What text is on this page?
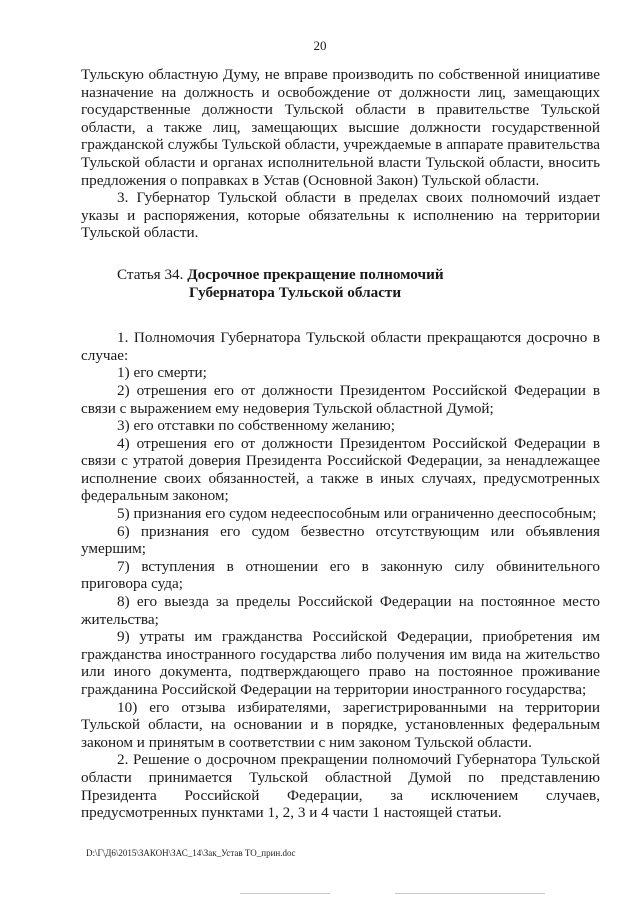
20

Тульскую областную Думу, не вправе производить по собственной инициативе назначение на должность и освобождение от должности лиц, замещающих государственные должности Тульской области в правительстве Тульской области, а также лиц, замещающих высшие должности государственной гражданской службы Тульской области, учреждаемые в аппарате правительства Тульской области и органах исполнительной власти Тульской области, вносить предложения о поправках в Устав (Основной Закон) Тульской области.

3. Губернатор Тульской области в пределах своих полномочий издает указы и распоряжения, которые обязательны к исполнению на территории Тульской области.

Статья 34. Досрочное прекращение полномочий
Губернатора Тульской области

1. Полномочия Губернатора Тульской области прекращаются досрочно в случае:

1) его смерти;

2) отрешения его от должности Президентом Российской Федерации в связи с выражением ему недоверия Тульской областной Думой;

3) его отставки по собственному желанию;

4) отрешения его от должности Президентом Российской Федерации в связи с утратой доверия Президента Российской Федерации, за ненадлежащее исполнение своих обязанностей, а также в иных случаях, предусмотренных федеральным законом;

5) признания его судом недееспособным или ограниченно дееспособным;

6) признания его судом безвестно отсутствующим или объявления умершим;

7) вступления в отношении его в законную силу обвинительного приговора суда;

8) его выезда за пределы Российской Федерации на постоянное место жительства;

9) утраты им гражданства Российской Федерации, приобретения им гражданства иностранного государства либо получения им вида на жительство или иного документа, подтверждающего право на постоянное проживание гражданина Российской Федерации на территории иностранного государства;

10) его отзыва избирателями, зарегистрированными на территории Тульской области, на основании и в порядке, установленных федеральным законом и принятым в соответствии с ним законом Тульской области.

2. Решение о досрочном прекращении полномочий Губернатора Тульской области принимается Тульской областной Думой по представлению Президента Российской Федерации, за исключением случаев, предусмотренных пунктами 1, 2, 3 и 4 части 1 настоящей статьи.

D:\Г\Д6\2015\ЗАКОН\ЗАС_14\Зак_Устав ТО_прин.doc
